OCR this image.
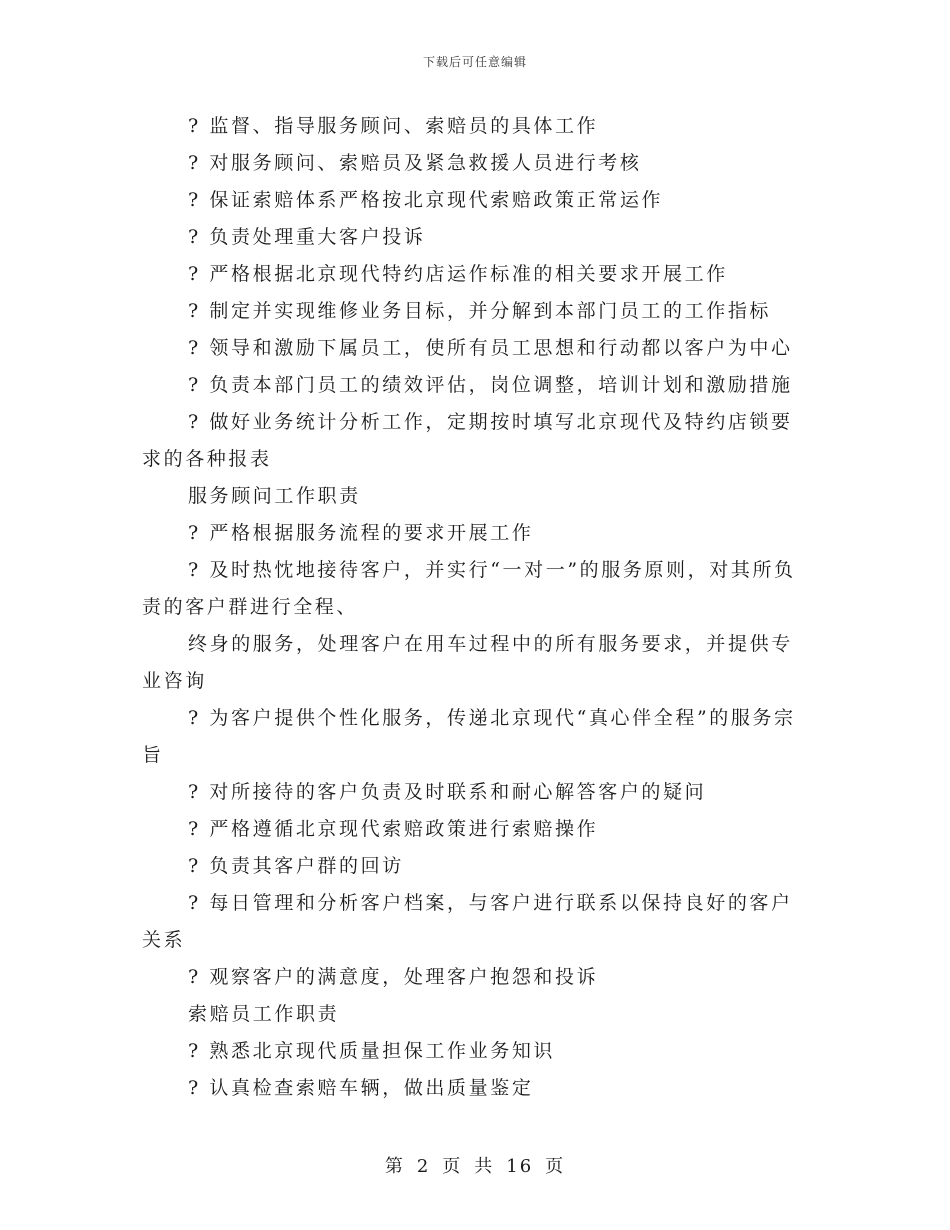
下载后可任意编辑

? 监督、指导服务顾问、索赔员的具体工作

? 对服务顾问、索赔员及紧急救援人员进行考核

? 保证索赔体系严格按北京现代索赔政策正常运作

? 负责处理重大客户投诉

? 严格根据北京现代特约店运作标准的相关要求开展工作

? 制定并实现维修业务目标，并分解到本部门员工的工作指标

? 领导和激励下属员工，使所有员工思想和行动都以客户为中心

? 负责本部门员工的绩效评估，岗位调整，培训计划和激励措施

? 做好业务统计分析工作，定期按时填写北京现代及特约店锁要求的各种报表

服务顾问工作职责

? 严格根据服务流程的要求开展工作

? 及时热忱地接待客户，并实行“一对一”的服务原则，对其所负责的客户群进行全程、

终身的服务，处理客户在用车过程中的所有服务要求，并提供专业咨询

? 为客户提供个性化服务，传递北京现代“真心伴全程”的服务宗旨

? 对所接待的客户负责及时联系和耐心解答客户的疑问

? 严格遵循北京现代索赔政策进行索赔操作

? 负责其客户群的回访

? 每日管理和分析客户档案，与客户进行联系以保持良好的客户关系

? 观察客户的满意度，处理客户抱怨和投诉

索赔员工作职责

? 熟悉北京现代质量担保工作业务知识

? 认真检查索赔车辆，做出质量鉴定

第 2 页 共 16 页
